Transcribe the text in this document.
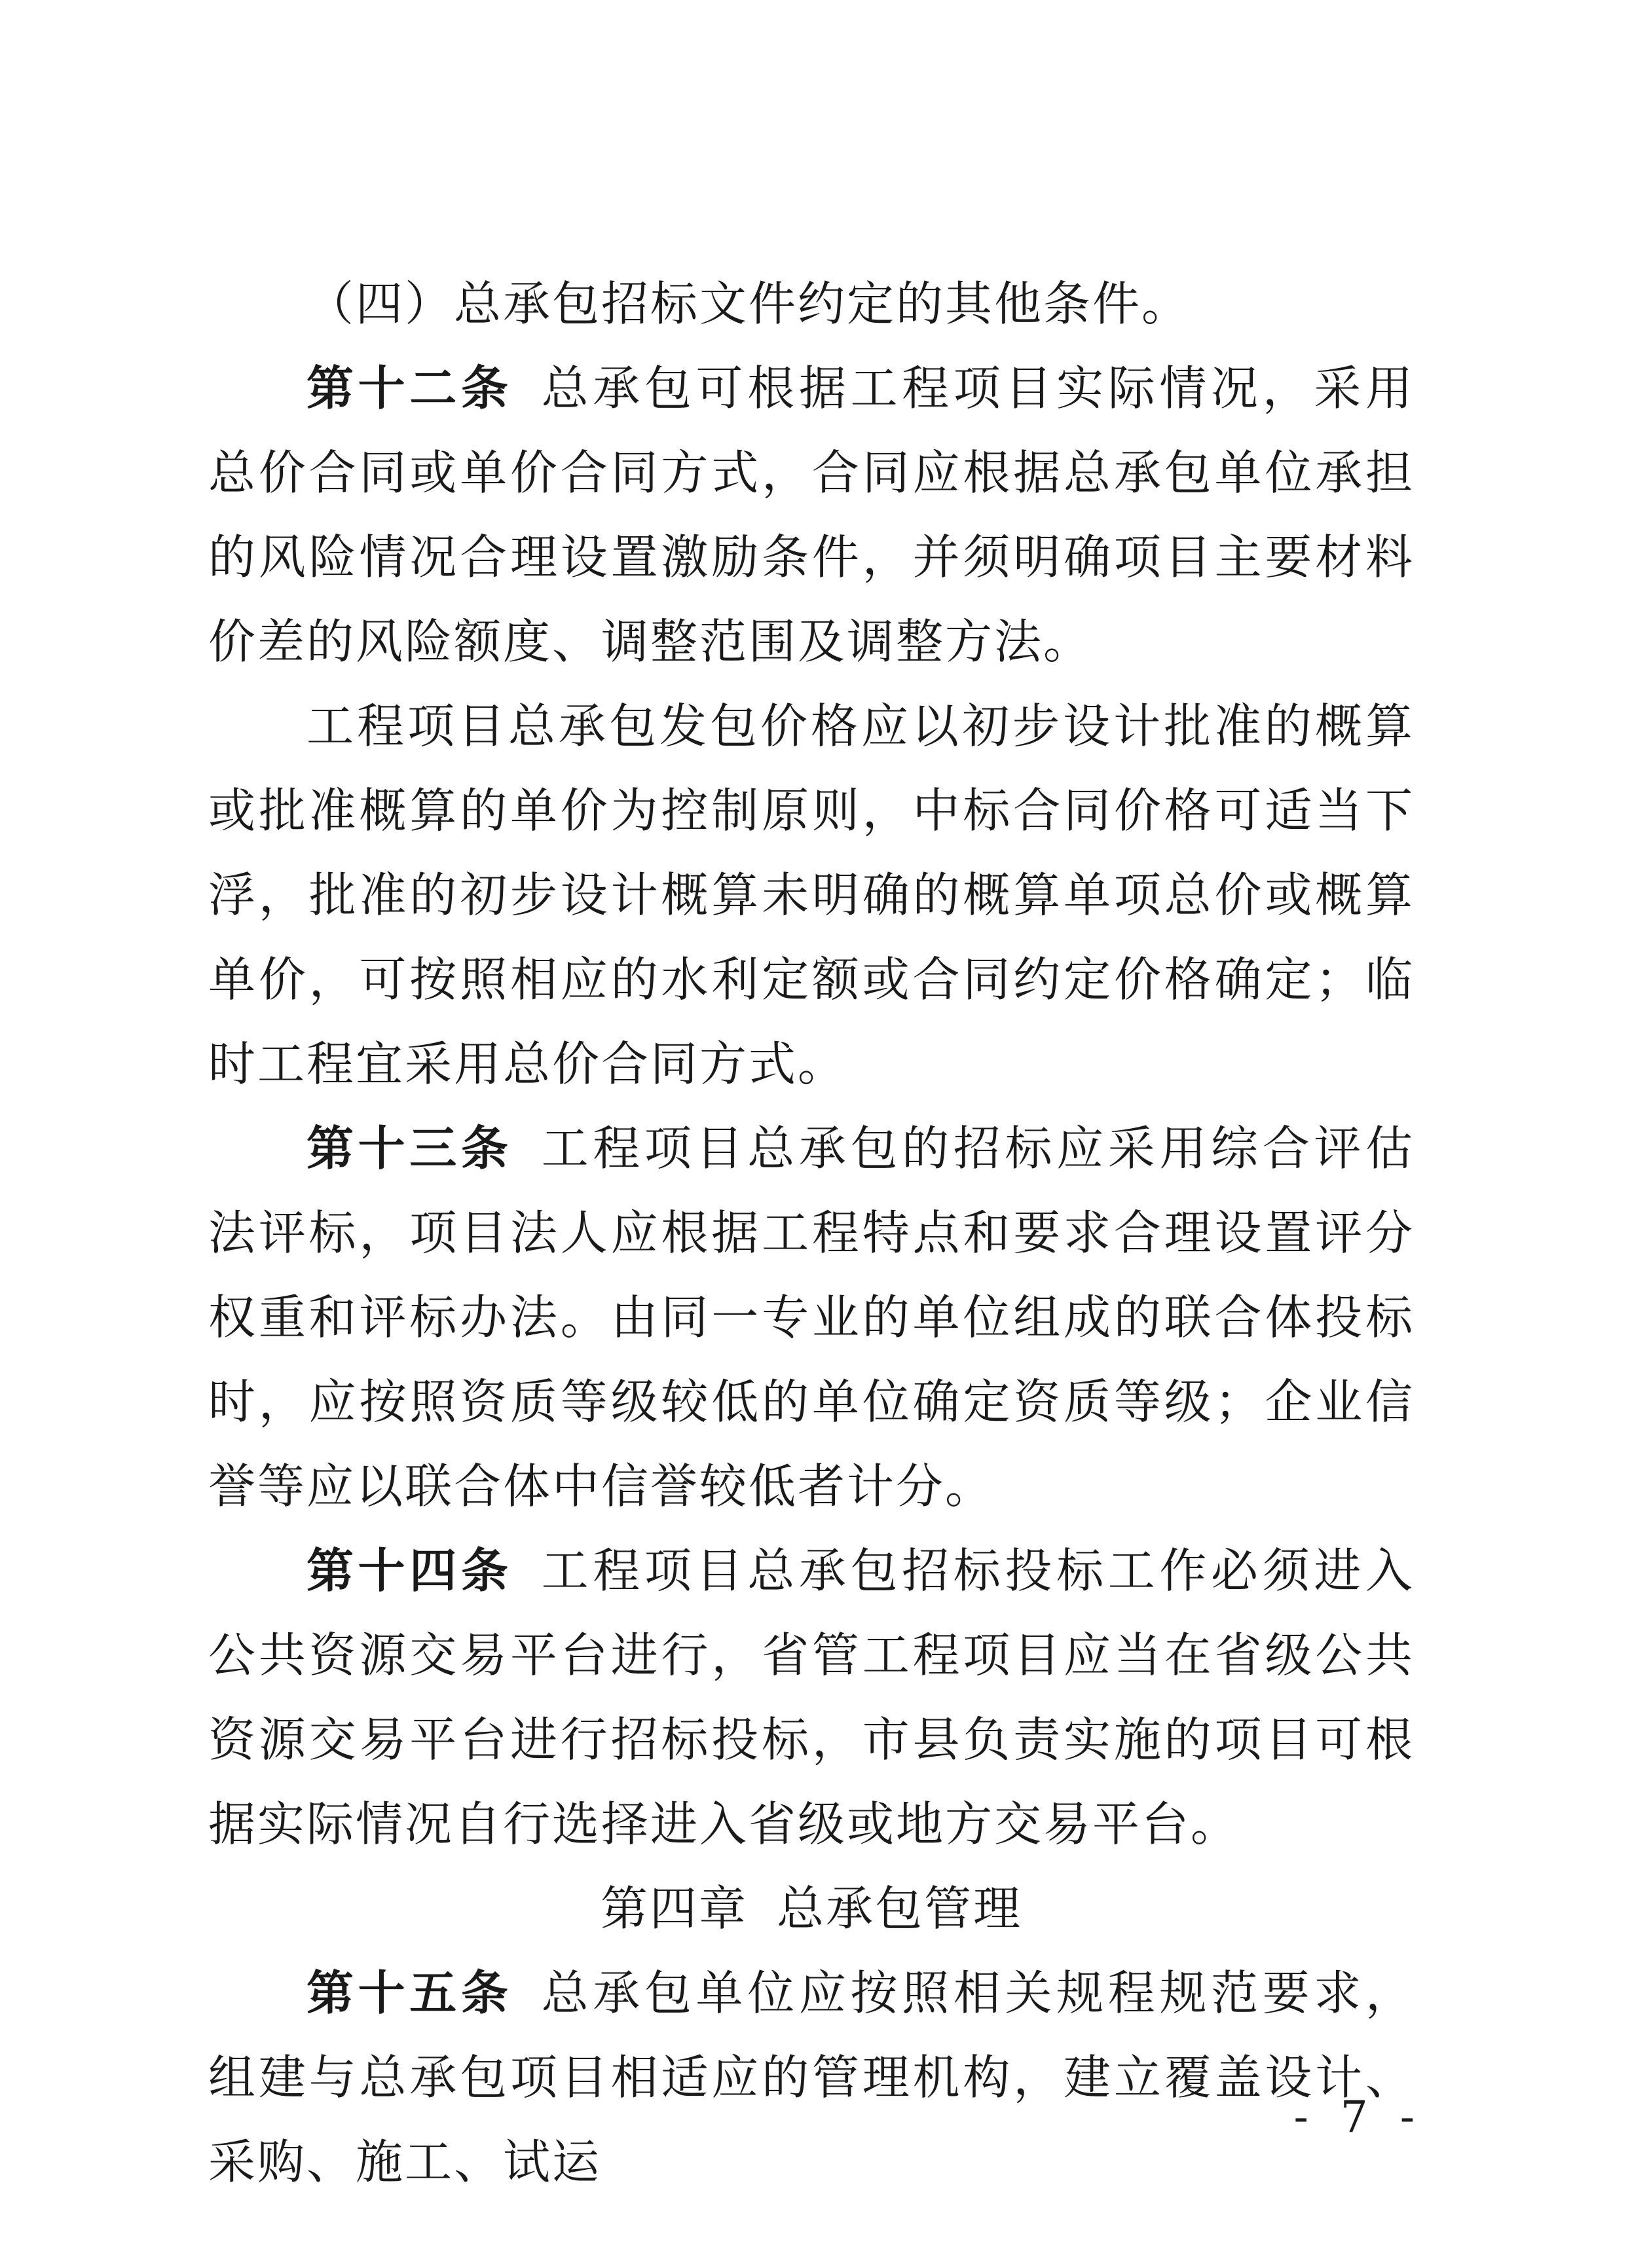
（四）总承包招标文件约定的其他条件。

第十二条 总承包可根据工程项目实际情况，采用总价合同或单价合同方式，合同应根据总承包单位承担的风险情况合理设置激励条件，并须明确项目主要材料价差的风险额度、调整范围及调整方法。

工程项目总承包发包价格应以初步设计批准的概算或批准概算的单价为控制原则，中标合同价格可适当下浮，批准的初步设计概算未明确的概算单项总价或概算单价，可按照相应的水利定额或合同约定价格确定；临时工程宜采用总价合同方式。

第十三条 工程项目总承包的招标应采用综合评估法评标，项目法人应根据工程特点和要求合理设置评分权重和评标办法。由同一专业的单位组成的联合体投标时，应按照资质等级较低的单位确定资质等级；企业信誉等应以联合体中信誉较低者计分。

第十四条 工程项目总承包招标投标工作必须进入公共资源交易平台进行，省管工程项目应当在省级公共资源交易平台进行招标投标，市县负责实施的项目可根据实际情况自行选择进入省级或地方交易平台。

第四章 总承包管理

第十五条 总承包单位应按照相关规程规范要求，组建与总承包项目相适应的管理机构，建立覆盖设计、采购、施工、试运

- 7 -
